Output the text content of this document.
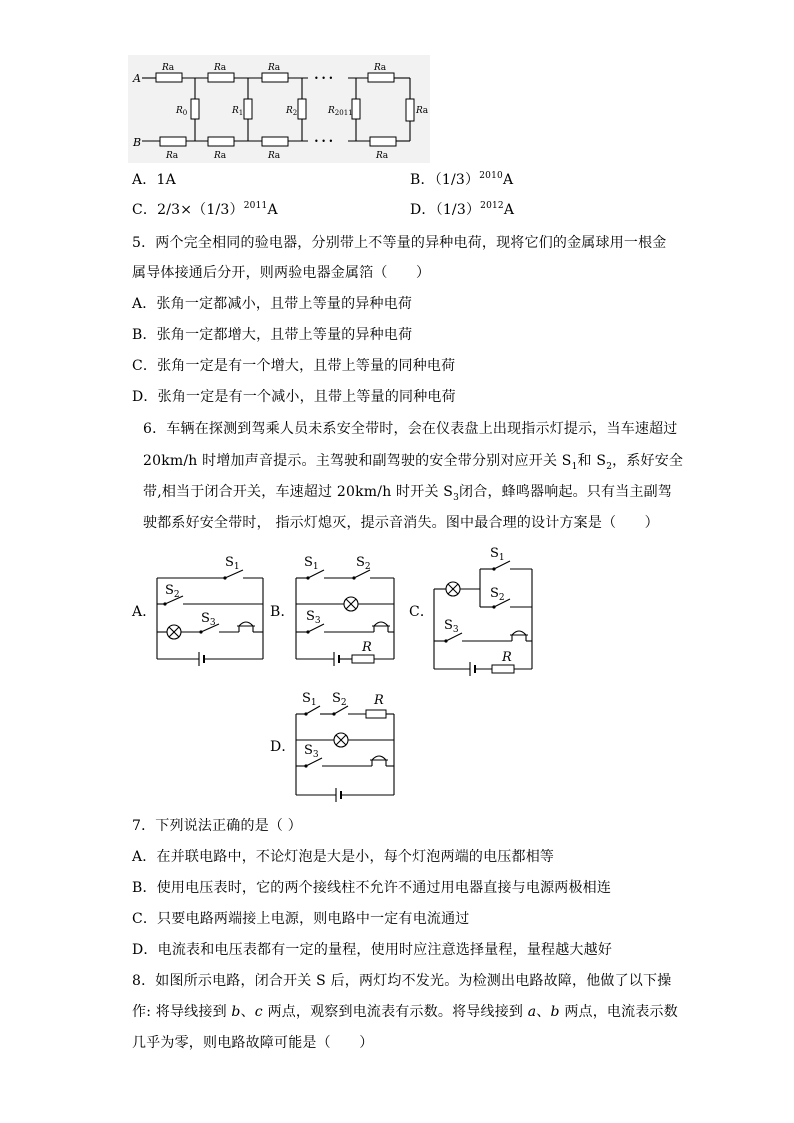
A
B
Ra	Ra	Ra	Ra
Ra	Ra	Ra	Ra
Ra
$R_0$	$R_1$	$R_2$	$R_{2011}$
• • •
• • •
A．1A	B．$(1/3)^{2010}A$
C．$2/3\times(1/3)^{2011}A$	D．$(1/3)^{2012}A$
5．两个完全相同的验电器，分别带上不等量的异种电荷，现将它们的金属球用一根金
属导体接通后分开，则两验电器金属箔（　　）
A．张角一定都减小，且带上等量的异种电荷
B．张角一定都增大，且带上等量的异种电荷
C．张角一定是有一个增大，且带上等量的同种电荷
D．张角一定是有一个减小，且带上等量的同种电荷
6．车辆在探测到驾乘人员未系安全带时，会在仪表盘上出现指示灯提示，当车速超过
20km/h 时增加声音提示。主驾驶和副驾驶的安全带分别对应开关 $S_1$和 $S_2$，系好安全
带,相当于闭合开关，车速超过 20km/h 时开关 $S_3$闭合，蜂鸣器响起。只有当主副驾
驶都系好安全带时， 指示灯熄灭，提示音消失。图中最合理的设计方案是（　　）
A．	B．	C．
D．
$S_1$
$S_2$
$S_3$
$S_1$	$S_2$
$S_3$
R
$S_1$
$S_2$
$S_3$
R
$S_1$ $S_2$ R
$S_3$
7．下列说法正确的是（ ）
A．在并联电路中，不论灯泡是大是小，每个灯泡两端的电压都相等
B．使用电压表时，它的两个接线柱不允许不通过用电器直接与电源两极相连
C．只要电路两端接上电源，则电路中一定有电流通过
D．电流表和电压表都有一定的量程，使用时应注意选择量程，量程越大越好
8．如图所示电路，闭合开关 S 后，两灯均不发光。为检测出电路故障，他做了以下操
作: 将导线接到 b、c 两点，观察到电流表有示数。将导线接到 a、b 两点，电流表示数
几乎为零，则电路故障可能是（　　）
